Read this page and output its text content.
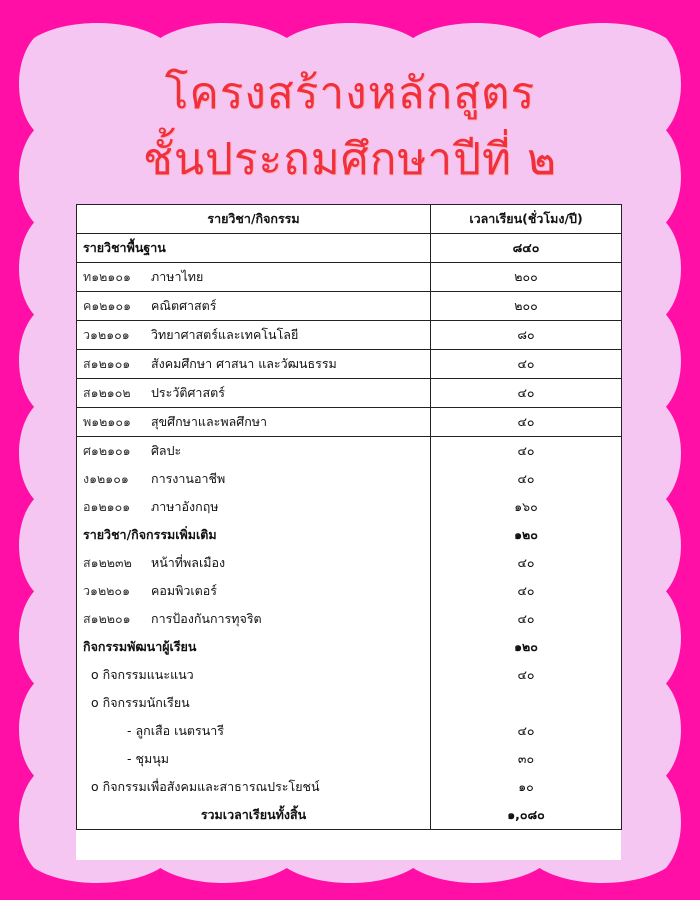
โครงสร้างหลักสูตร
ชั้นประถมศึกษาปีที่ ๒
รายวิชา/กิจกรรม	เวลาเรียน(ชั่วโมง/ปี)
รายวิชาพื้นฐาน	๘๔๐
ท๑๒๑๐๑ ภาษาไทย	๒๐๐
ค๑๒๑๐๑ คณิตศาสตร์	๒๐๐
ว๑๒๑๐๑ วิทยาศาสตร์และเทคโนโลยี	๘๐
ส๑๒๑๐๑ สังคมศึกษา ศาสนา และวัฒนธรรม	๔๐
ส๑๒๑๐๒ ประวัติศาสตร์	๔๐
พ๑๒๑๐๑ สุขศึกษาและพลศึกษา	๔๐
ศ๑๒๑๐๑ ศิลปะ	๔๐
ง๑๒๑๐๑ การงานอาชีพ	๔๐
อ๑๒๑๐๑ ภาษาอังกฤษ	๑๖๐
รายวิชา/กิจกรรมเพิ่มเติม	๑๒๐
ส๑๒๒๓๒ หน้าที่พลเมือง	๔๐
ว๑๒๒๐๑ คอมพิวเตอร์	๔๐
ส๑๒๒๐๑ การป้องกันการทุจริต	๔๐
กิจกรรมพัฒนาผู้เรียน	๑๒๐
o กิจกรรมแนะแนว	๔๐
o กิจกรรมนักเรียน	
- ลูกเสือ เนตรนารี	๔๐
- ชุมนุม	๓๐
o กิจกรรมเพื่อสังคมและสาธารณประโยชน์	๑๐
รวมเวลาเรียนทั้งสิ้น	๑,๐๘๐
